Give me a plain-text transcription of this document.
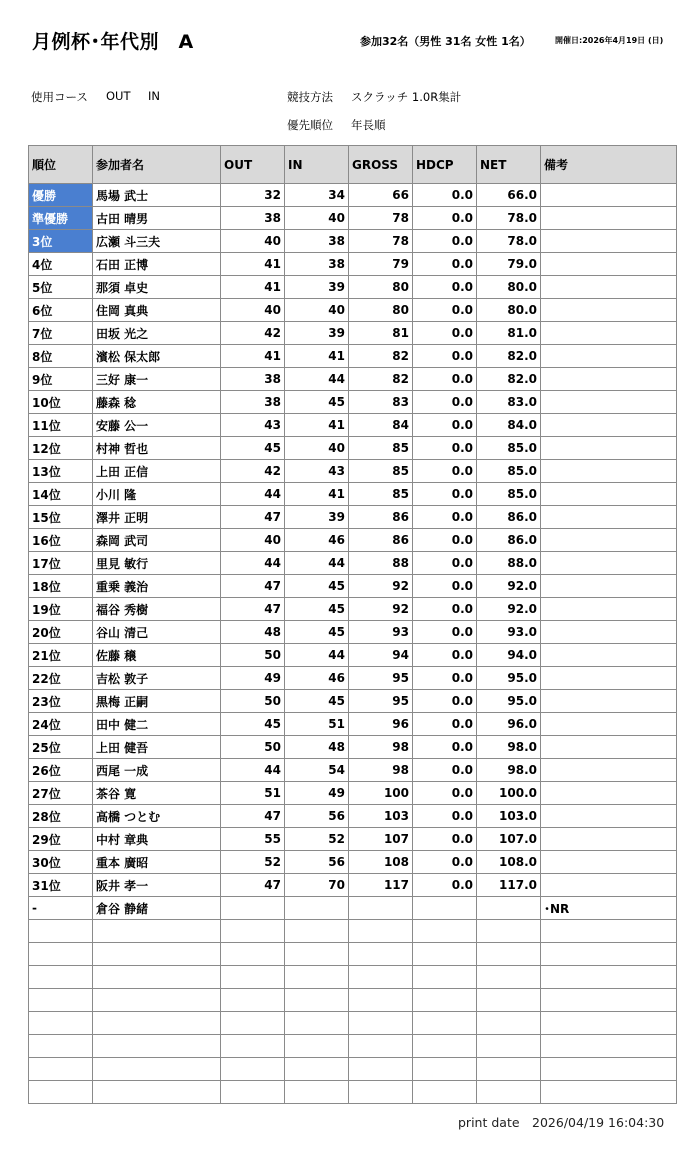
月例杯･年代別　A	参加32名（男性 31名 女性 1名）	開催日:2026年4月19日 (日)
使用コース OUT IN	競技方法 スクラッチ 1.0R集計
優先順位 年長順
順位	参加者名	OUT	IN	GROSS	HDCP	NET	備考
優勝	馬場 武士	32	34	66	0.0	66.0	
準優勝	古田 晴男	38	40	78	0.0	78.0	
3位	広瀬 斗三夫	40	38	78	0.0	78.0	
4位	石田 正博	41	38	79	0.0	79.0	
5位	那須 卓史	41	39	80	0.0	80.0	
6位	住岡 真典	40	40	80	0.0	80.0	
7位	田坂 光之	42	39	81	0.0	81.0	
8位	濱松 保太郎	41	41	82	0.0	82.0	
9位	三好 康一	38	44	82	0.0	82.0	
10位	藤森 稔	38	45	83	0.0	83.0	
11位	安藤 公一	43	41	84	0.0	84.0	
12位	村神 哲也	45	40	85	0.0	85.0	
13位	上田 正信	42	43	85	0.0	85.0	
14位	小川 隆	44	41	85	0.0	85.0	
15位	澤井 正明	47	39	86	0.0	86.0	
16位	森岡 武司	40	46	86	0.0	86.0	
17位	里見 敏行	44	44	88	0.0	88.0	
18位	重乗 義治	47	45	92	0.0	92.0	
19位	福谷 秀樹	47	45	92	0.0	92.0	
20位	谷山 清己	48	45	93	0.0	93.0	
21位	佐藤 穣	50	44	94	0.0	94.0	
22位	吉松 敦子	49	46	95	0.0	95.0	
23位	黒梅 正嗣	50	45	95	0.0	95.0	
24位	田中 健二	45	51	96	0.0	96.0	
25位	上田 健吾	50	48	98	0.0	98.0	
26位	西尾 一成	44	54	98	0.0	98.0	
27位	茶谷 寛	51	49	100	0.0	100.0	
28位	高橋 つとむ	47	56	103	0.0	103.0	
29位	中村 章典	55	52	107	0.0	107.0	
30位	重本 廣昭	52	56	108	0.0	108.0	
31位	阪井 孝一	47	70	117	0.0	117.0	
-	倉谷 静緒						･NR

print date　2026/04/19 16:04:30
